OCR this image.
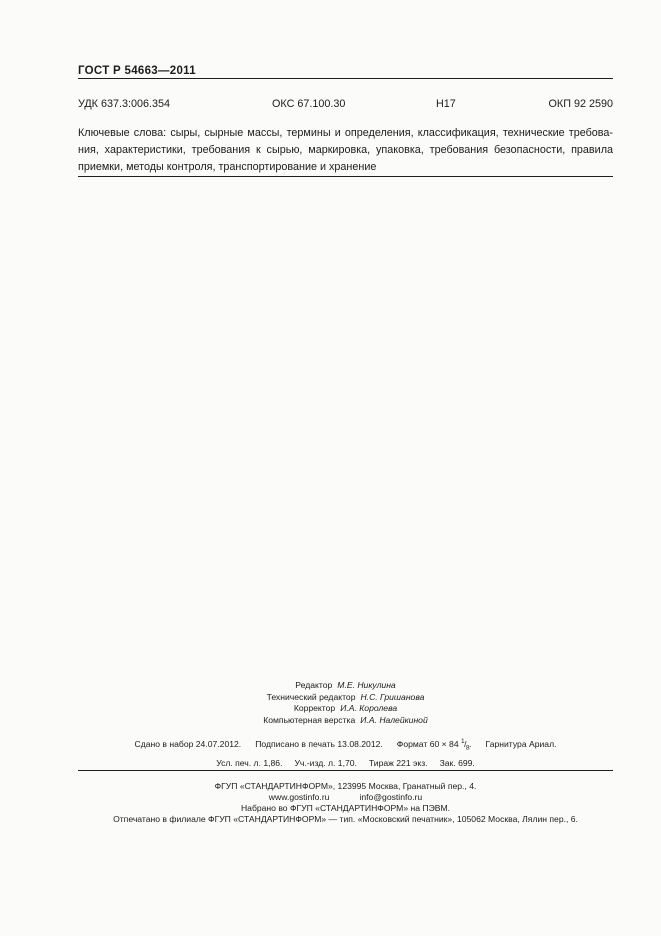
ГОСТ Р 54663—2011
УДК 637.3:006.354	ОКС 67.100.30	Н17	ОКП 92 2590
Ключевые слова: сыры, сырные массы, термины и определения, классификация, технические требова-
ния, характеристики, требования к сырью, маркировка, упаковка, требования безопасности, правила
приемки, методы контроля, транспортирование и хранение
Редактор М.Е. Никулина
Технический редактор Н.С. Гришанова
Корректор И.А. Королева
Компьютерная верстка И.А. Налейкиной
Сдано в набор 24.07.2012. Подписано в печать 13.08.2012. Формат 60 × 84 $^1/_8$. Гарнитура Ариал.
Усл. печ. л. 1,86. Уч.-изд. л. 1,70. Тираж 221 экз. Зак. 699.
ФГУП «СТАНДАРТИНФОРМ», 123995 Москва, Гранатный пер., 4.
www.gostinfo.ru	info@gostinfo.ru
Набрано во ФГУП «СТАНДАРТИНФОРМ» на ПЭВМ.
Отпечатано в филиале ФГУП «СТАНДАРТИНФОРМ» — тип. «Московский печатник», 105062 Москва, Лялин пер., 6.
